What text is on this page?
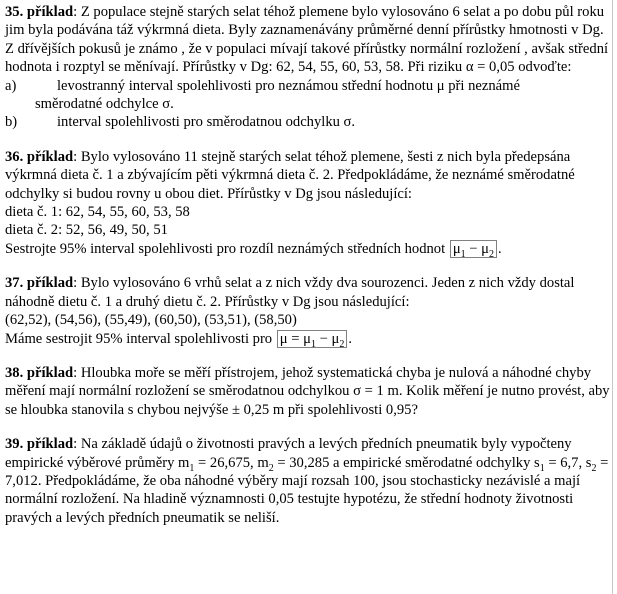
35. příklad: Z populace stejně starých selat téhož plemene bylo vylosováno 6 selat a po dobu půl roku jim byla podávána táž výkrmná dieta. Byly zaznamenávány průměrné denní přírůstky hmotnosti v Dg. Z dřívějších pokusů je známo , že v populaci mívají takové přírůstky normální rozložení , avšak střední hodnota i rozptyl se měnívají. Přírůstky v Dg: 62, 54, 55, 60, 53, 58. Při riziku α = 0,05 odvoďte:

a)	levostranný interval spolehlivosti pro neznámou střední hodnotu μ při neznámé
směrodatné odchylce σ.
b)	interval spolehlivosti pro směrodatnou odchylku σ.

36. příklad: Bylo vylosováno 11 stejně starých selat téhož plemene, šesti z nich byla předepsána výkrmná dieta č. 1 a zbývajícím pěti výkrmná dieta č. 2. Předpokládáme, že neznámé směrodatné odchylky si budou rovny u obou diet. Přírůstky v Dg jsou následující:

dieta č. 1: 62, 54, 55, 60, 53, 58

dieta č. 2: 52, 56, 49, 50, 51

Sestrojte 95% interval spolehlivosti pro rozdíl neznámých středních hodnot $\mu_1 - \mu_2$ .

37. příklad: Bylo vylosováno 6 vrhů selat a z nich vždy dva sourozenci. Jeden z nich vždy dostal náhodně dietu č. 1 a druhý dietu č. 2. Přírůstky v Dg jsou následující:

(62,52), (54,56), (55,49), (60,50), (53,51), (58,50)

Máme sestrojit 95% interval spolehlivosti pro $\mu = \mu_1 - \mu_2$ .

38. příklad: Hloubka moře se měří přístrojem, jehož systematická chyba je nulová a náhodné chyby měření mají normální rozložení se směrodatnou odchylkou σ = 1 m. Kolik měření je nutno provést, aby se hloubka stanovila s chybou nejvýše ± 0,25 m při spolehlivosti 0,95?

39. příklad: Na základě údajů o životnosti pravých a levých předních pneumatik byly vypočteny empirické výběrové průměry $m_1 = 26,675$, $m_2 = 30,285$ a empirické směrodatné odchylky $s_1 = 6,7$, $s_2 = 7,012$. Předpokládáme, že oba náhodné výběry mají rozsah 100, jsou stochasticky nezávislé a mají normální rozložení. Na hladině významnosti 0,05 testujte hypotézu, že střední hodnoty životnosti pravých a levých předních pneumatik se neliší.
